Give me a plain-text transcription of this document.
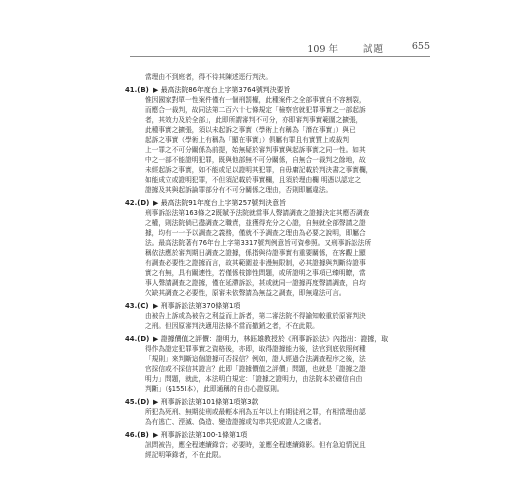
109 年	試題	655
當理由不到庭者，得不待其陳述逕行判決。
41.(B) ▶ 最高法院86年度台上字第3764號判決要旨
惟因國家對單一性案件僅有一個刑罰權，此種案件之全部事實自不容割裂，
而應合一裁判，故同法第二百六十七條規定「檢察官就犯罪事實之一部起訴
者，其效力及於全部」，此即所謂審判不可分，亦即審判事實範圍之擴張，
此種事實之擴張，須以未起訴之事實（學術上有稱為「潛在事實」）與已
起訴之事實（學術上有稱為「顯在事實」）俱屬有罪且有實質上或裁判
上一罪之不可分關係為前提，始無疑於審判事實與起訴事實之同一性。如其
中之一部不能證明犯罪，既與他部無不可分關係，自無合一裁判之餘地，故
未經起訴之事實，如不能或足以證明其犯罪，自毋庸記載於判決書之事實欄，
如能成立或證明犯罪，不但須記載於事實欄，且須於理由欄 明憑以認定之
證據及其與起訴論罪部分有不可分關係之理由，否則即屬違法。
42.(D) ▶ 最高法院91年度台上字第257號判決意旨
刑事訴訟法第163條之2既賦予法院就當事人聲請調查之證據決定其應否調查
之權，則法院倘已盡調查之職責，並獲得充分之心證，自無就全部聲請之證
據，均有一一予以調查之義務，僅就不予調查之理由為必要之說明，即屬合
法。最高法院著有76年台上字第3317號判例意旨可資參照。又刑事訴訟法所
稱依法應於審判期日調查之證據，係指與待證事實有重要關係，在客觀上顯
有調查必要性之證據而言，故其範圍並非漫無限制，必其證據與判斷待證事
實之有無，具有關連性，若僅係枝節性問題，或所證明之事項已臻明瞭，當
事人聲請調查之證據，僅在延滯訴訟，甚或就同一證據再度聲請調查，自均
欠缺其調查之必要性，原審未依聲請為無益之調查，即無違法可言。
43.(C) ▶ 刑事訴訟法第370條第1項
由被告上訴或為被告之利益而上訴者，第二審法院不得諭知較重於原審判決
之刑。但因原審判決適用法條不當而撤銷之者，不在此限。
44.(D) ▶ 證據價值之評價：證明力，林鈺雄教授於《刑事訴訟法》內指出：證據，取
得作為證定犯罪事實之資格後，亦即，取得證據能力後，法官到底依照何種
「規則」來判斷這個證據可否採信？例如，證人經過合法調查程序之後，法
官採信或不採信其證言？此即「證據價值之評價」問題，也就是「證據之證
明力」問題，就此，本法明白規定：「證據之證明力，由法院本於確信自由
判斷」（§155Ⅰ本），此即通稱的自由心證原則。
45.(D) ▶ 刑事訴訟法第101條第1項第3款
所犯為死刑、無期徒刑或最輕本刑為五年以上有期徒刑之罪，有相當理由認
為有逃亡、湮滅、偽造、變造證據或勾串共犯或證人之虞者。
46.(B) ▶ 刑事訴訟法第100-1條第1項
訊問被告，應全程連續錄音；必要時，並應全程連續錄影。但有急迫情況且
經記明筆錄者，不在此限。
